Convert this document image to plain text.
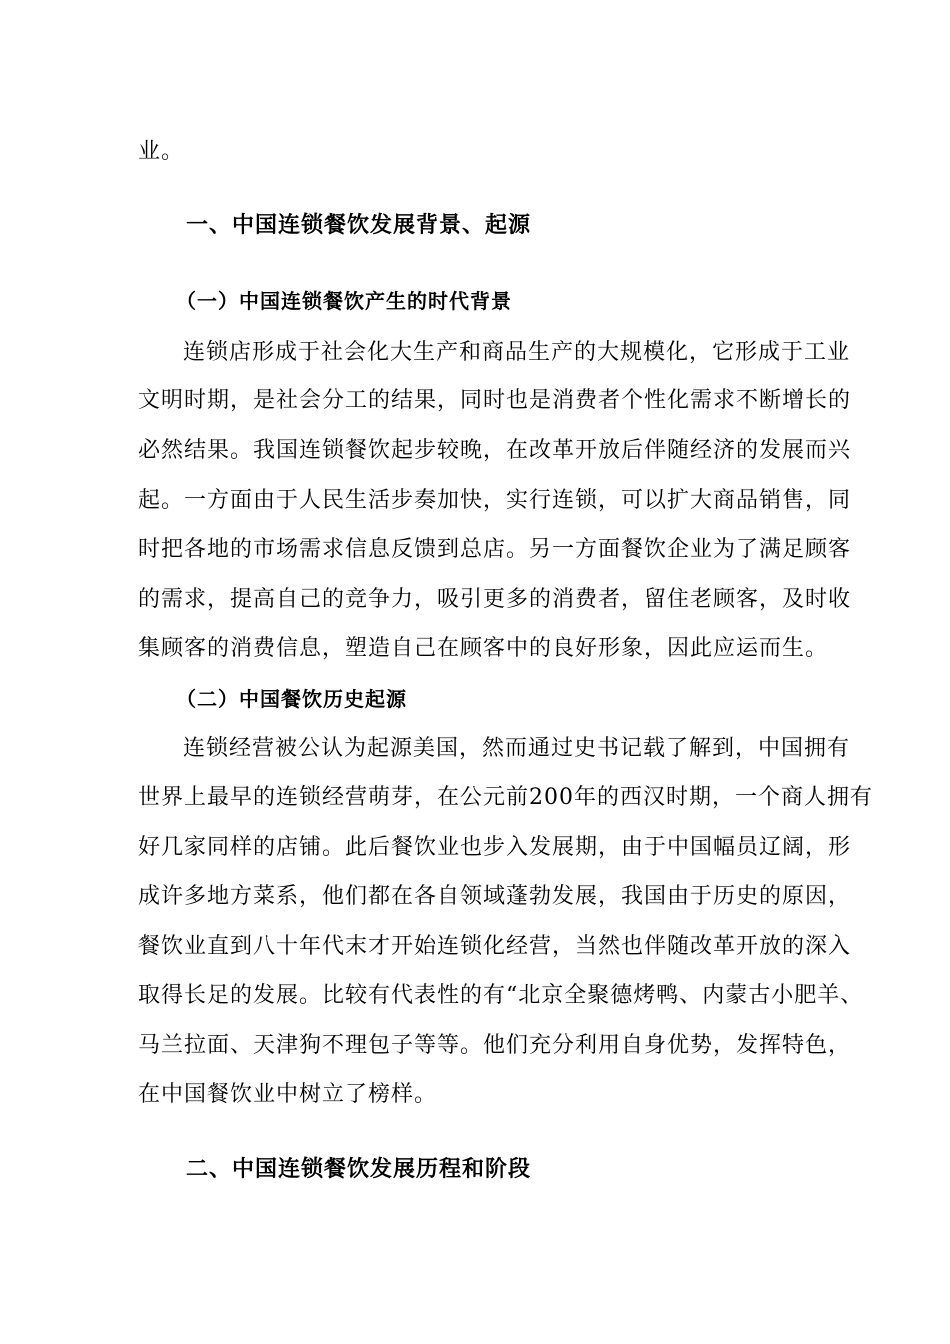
业。
一、中国连锁餐饮发展背景、起源
（一）中国连锁餐饮产生的时代背景
连锁店形成于社会化大生产和商品生产的大规模化，它形成于工业
文明时期，是社会分工的结果，同时也是消费者个性化需求不断增长的
必然结果。我国连锁餐饮起步较晚，在改革开放后伴随经济的发展而兴
起。一方面由于人民生活步奏加快，实行连锁，可以扩大商品销售，同
时把各地的市场需求信息反馈到总店。另一方面餐饮企业为了满足顾客
的需求，提高自己的竞争力，吸引更多的消费者，留住老顾客，及时收
集顾客的消费信息，塑造自己在顾客中的良好形象，因此应运而生。
（二）中国餐饮历史起源
连锁经营被公认为起源美国，然而通过史书记载了解到，中国拥有
世界上最早的连锁经营萌芽，在公元前200年的西汉时期，一个商人拥有
好几家同样的店铺。此后餐饮业也步入发展期，由于中国幅员辽阔，形
成许多地方菜系，他们都在各自领域蓬勃发展，我国由于历史的原因，
餐饮业直到八十年代末才开始连锁化经营，当然也伴随改革开放的深入
取得长足的发展。比较有代表性的有“北京全聚德烤鸭、内蒙古小肥羊、
马兰拉面、天津狗不理包子等等。他们充分利用自身优势，发挥特色，
在中国餐饮业中树立了榜样。
二、中国连锁餐饮发展历程和阶段
